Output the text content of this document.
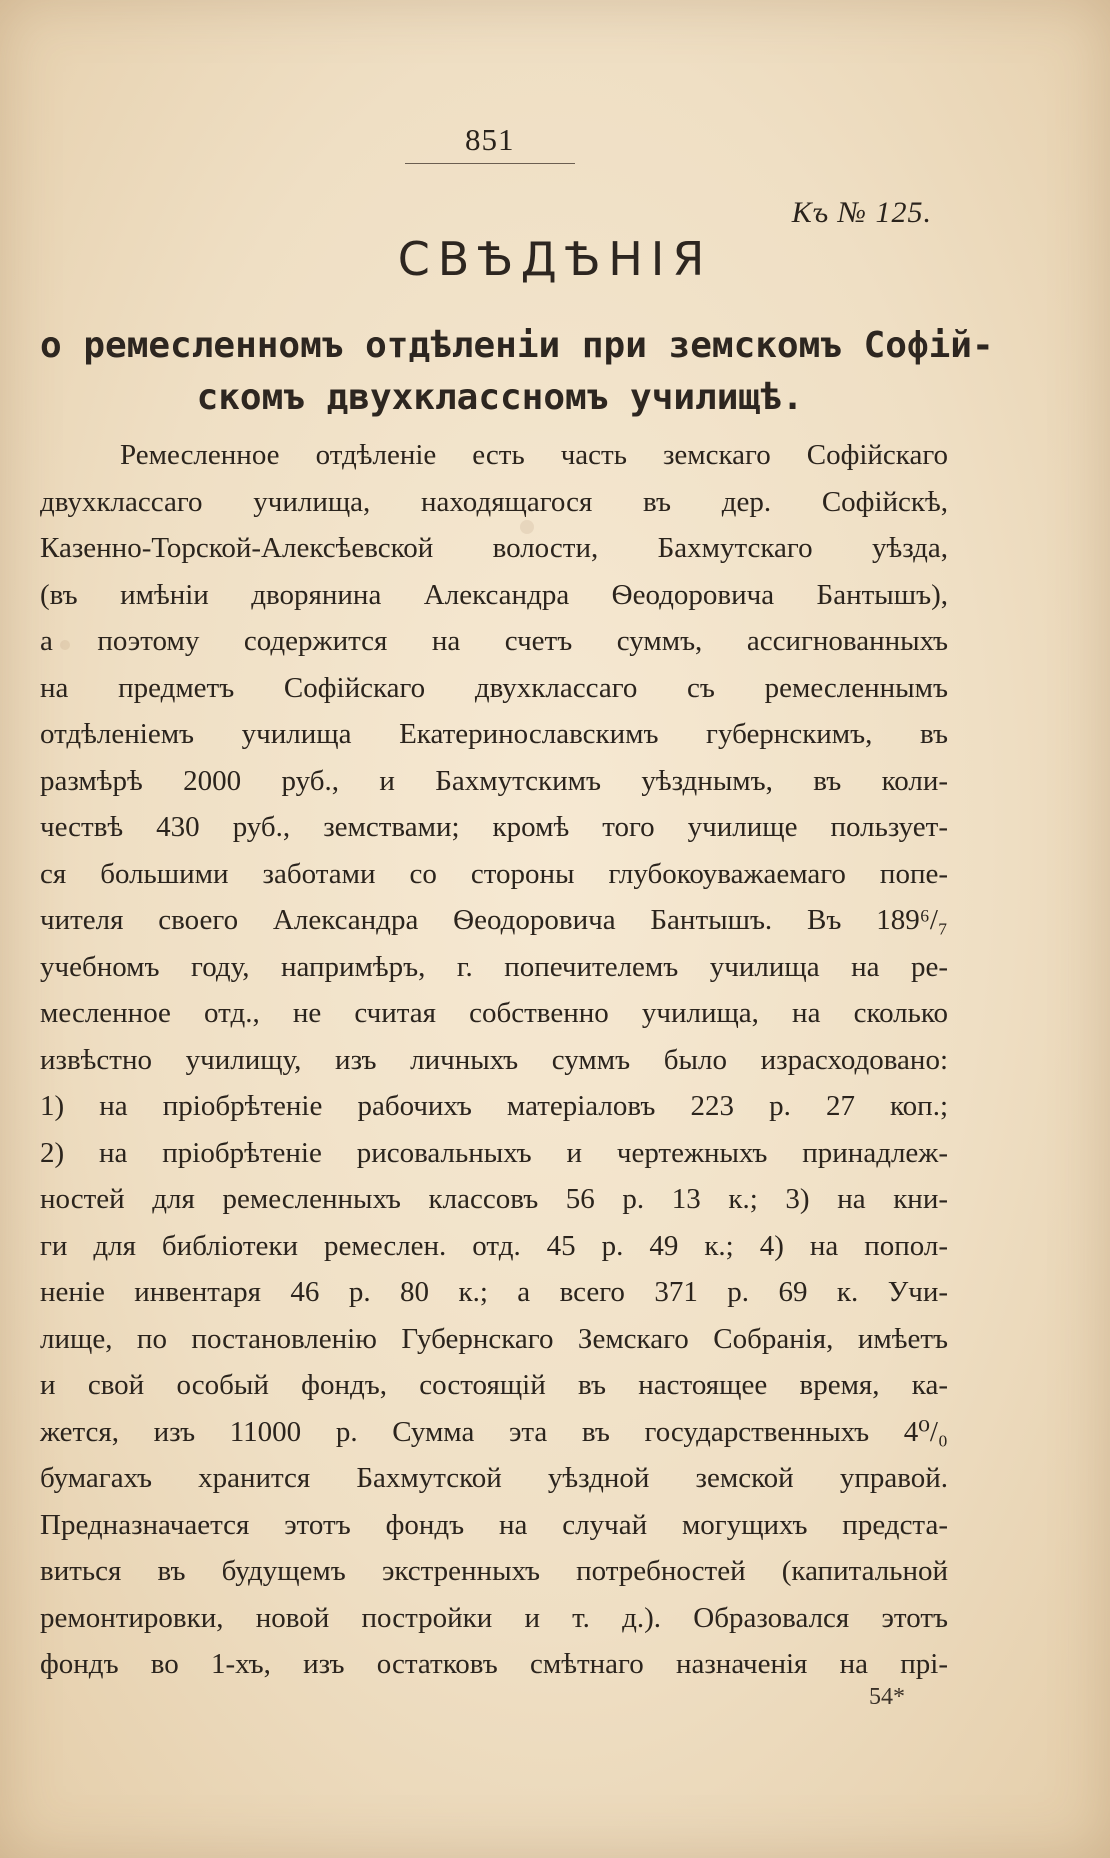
851
Къ № 125.
СВѢДѢНІЯ
о ремесленномъ отдѣленіи при земскомъ Софій-
скомъ двухклассномъ училищѣ.
Ремесленное отдѣленіе есть часть земскаго Софійскаго
двухклассаго училища, находящагося въ дер. Софійскѣ,
Казенно-Торской-Алексѣевской волости, Бахмутскаго уѣзда,
(въ имѣніи дворянина Александра Ѳеодоровича Бантышъ),
а поэтому содержится на счетъ суммъ, ассигнованныхъ
на предметъ Софійскаго двухклассаго съ ремесленнымъ
отдѣленіемъ училища Екатеринославскимъ губернскимъ, въ
размѣрѣ 2000 руб., и Бахмутскимъ уѣзднымъ, въ коли-
чествѣ 430 руб., земствами; кромѣ того училище пользует-
ся большими заботами со стороны глубокоуважаемаго попе-
чителя своего Александра Ѳеодоровича Бантышъ. Въ 189⁶/₇
учебномъ году, напримѣръ, г. попечителемъ училища на ре-
месленное отд., не считая собственно училища, на сколько
извѣстно училищу, изъ личныхъ суммъ было израсходовано:
1) на пріобрѣтеніе рабочихъ матеріаловъ 223 р. 27 коп.;
2) на пріобрѣтеніе рисовальныхъ и чертежныхъ принадлеж-
ностей для ремесленныхъ классовъ 56 р. 13 к.; 3) на кни-
ги для библіотеки ремеслен. отд. 45 р. 49 к.; 4) на попол-
неніе инвентаря 46 р. 80 к.; а всего 371 р. 69 к. Учи-
лище, по постановленію Губернскаго Земскаго Собранія, имѣетъ
и свой особый фондъ, состоящій въ настоящее время, ка-
жется, изъ 11000 р. Сумма эта въ государственныхъ 4⁰/₀
бумагахъ хранится Бахмутской уѣздной земской управой.
Предназначается этотъ фондъ на случай могущихъ предста-
виться въ будущемъ экстренныхъ потребностей (капитальной
ремонтировки, новой постройки и т. д.). Образовался этотъ
фондъ во 1-хъ, изъ остатковъ смѣтнаго назначенія на прі-
54*
